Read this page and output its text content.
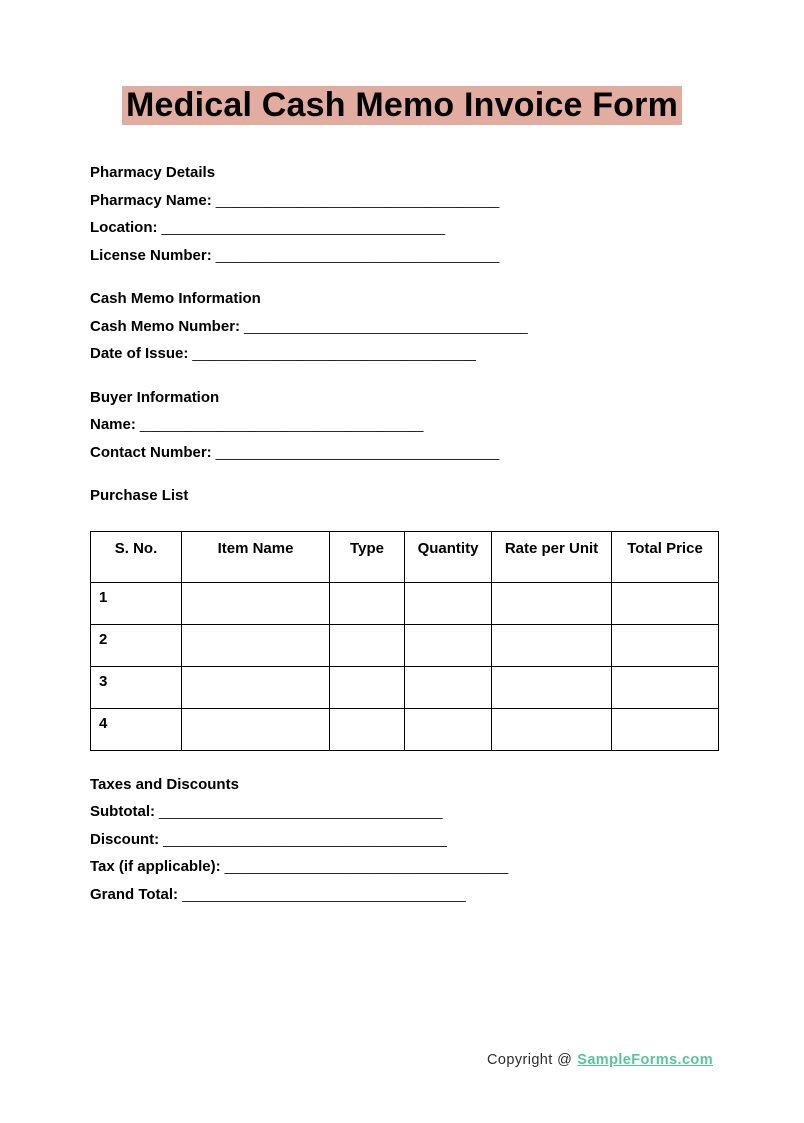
Medical Cash Memo Invoice Form
Pharmacy Details
Pharmacy Name: __________________________________
Location: __________________________________
License Number: __________________________________
Cash Memo Information
Cash Memo Number: __________________________________
Date of Issue: __________________________________
Buyer Information
Name: __________________________________
Contact Number: __________________________________
Purchase List
S. No.	Item Name	Type	Quantity	Rate per Unit	Total Price
1					
2					
3					
4					
Taxes and Discounts
Subtotal: __________________________________
Discount: __________________________________
Tax (if applicable): __________________________________
Grand Total: __________________________________
Copyright @ SampleForms.com
